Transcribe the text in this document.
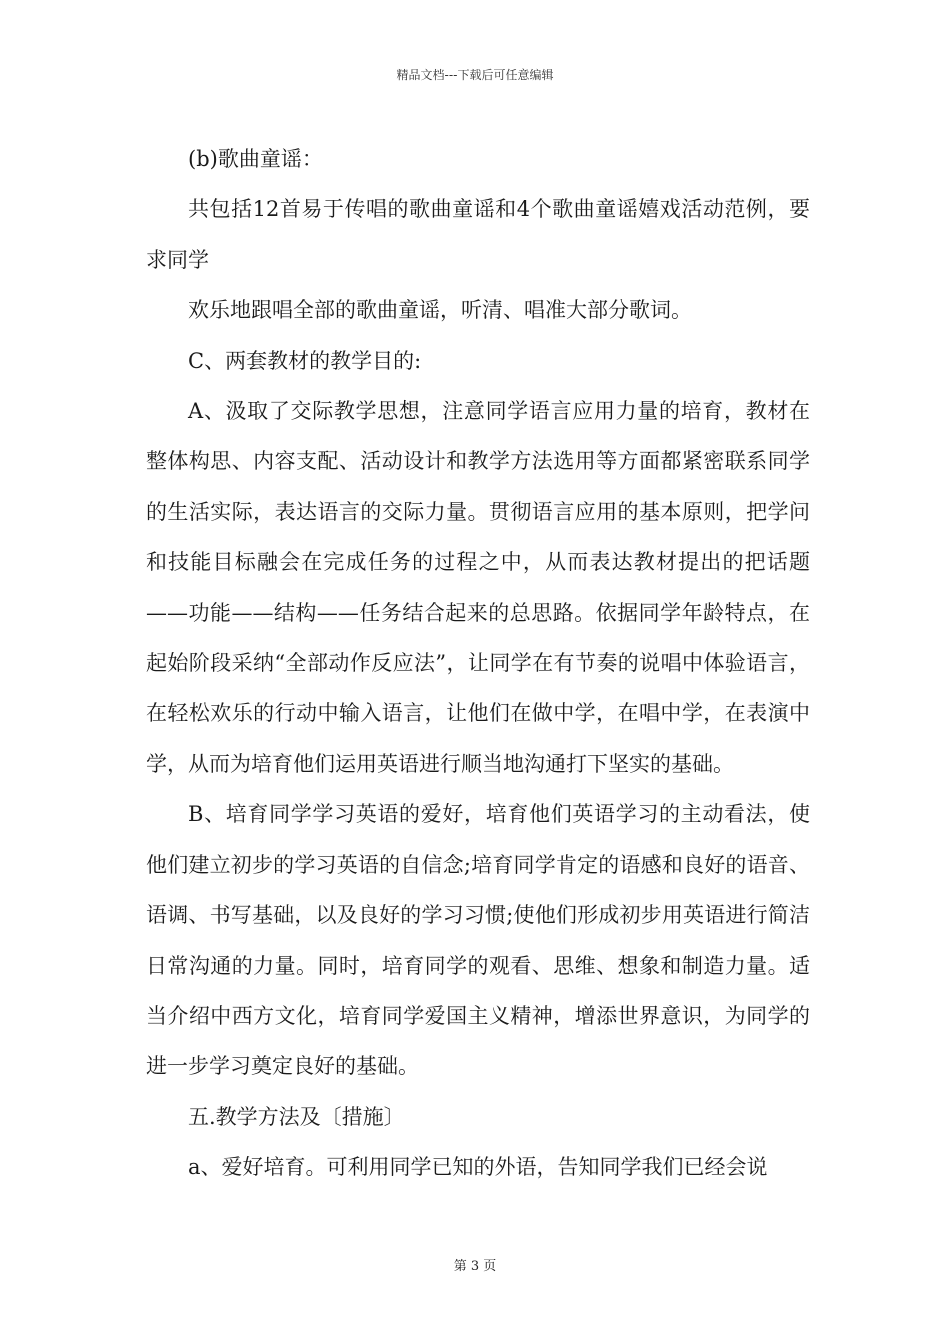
精品文档---下载后可任意编辑

(b)歌曲童谣：

共包括12首易于传唱的歌曲童谣和4个歌曲童谣嬉戏活动范例，要求同学

欢乐地跟唱全部的歌曲童谣，听清、唱准大部分歌词。

C、两套教材的教学目的:

A、汲取了交际教学思想，注意同学语言应用力量的培育，教材在整体构思、内容支配、活动设计和教学方法选用等方面都紧密联系同学的生活实际，表达语言的交际力量。贯彻语言应用的基本原则，把学问和技能目标融会在完成任务的过程之中，从而表达教材提出的把话题——功能——结构——任务结合起来的总思路。依据同学年龄特点，在起始阶段采纳“全部动作反应法”，让同学在有节奏的说唱中体验语言，在轻松欢乐的行动中输入语言，让他们在做中学，在唱中学，在表演中学，从而为培育他们运用英语进行顺当地沟通打下坚实的基础。

B、培育同学学习英语的爱好，培育他们英语学习的主动看法，使他们建立初步的学习英语的自信念;培育同学肯定的语感和良好的语音、语调、书写基础，以及良好的学习习惯;使他们形成初步用英语进行简洁日常沟通的力量。同时，培育同学的观看、思维、想象和制造力量。适当介绍中西方文化，培育同学爱国主义精神，增添世界意识，为同学的进一步学习奠定良好的基础。

五.教学方法及〔措施〕

a、爱好培育。可利用同学已知的外语，告知同学我们已经会说

第 3 页
